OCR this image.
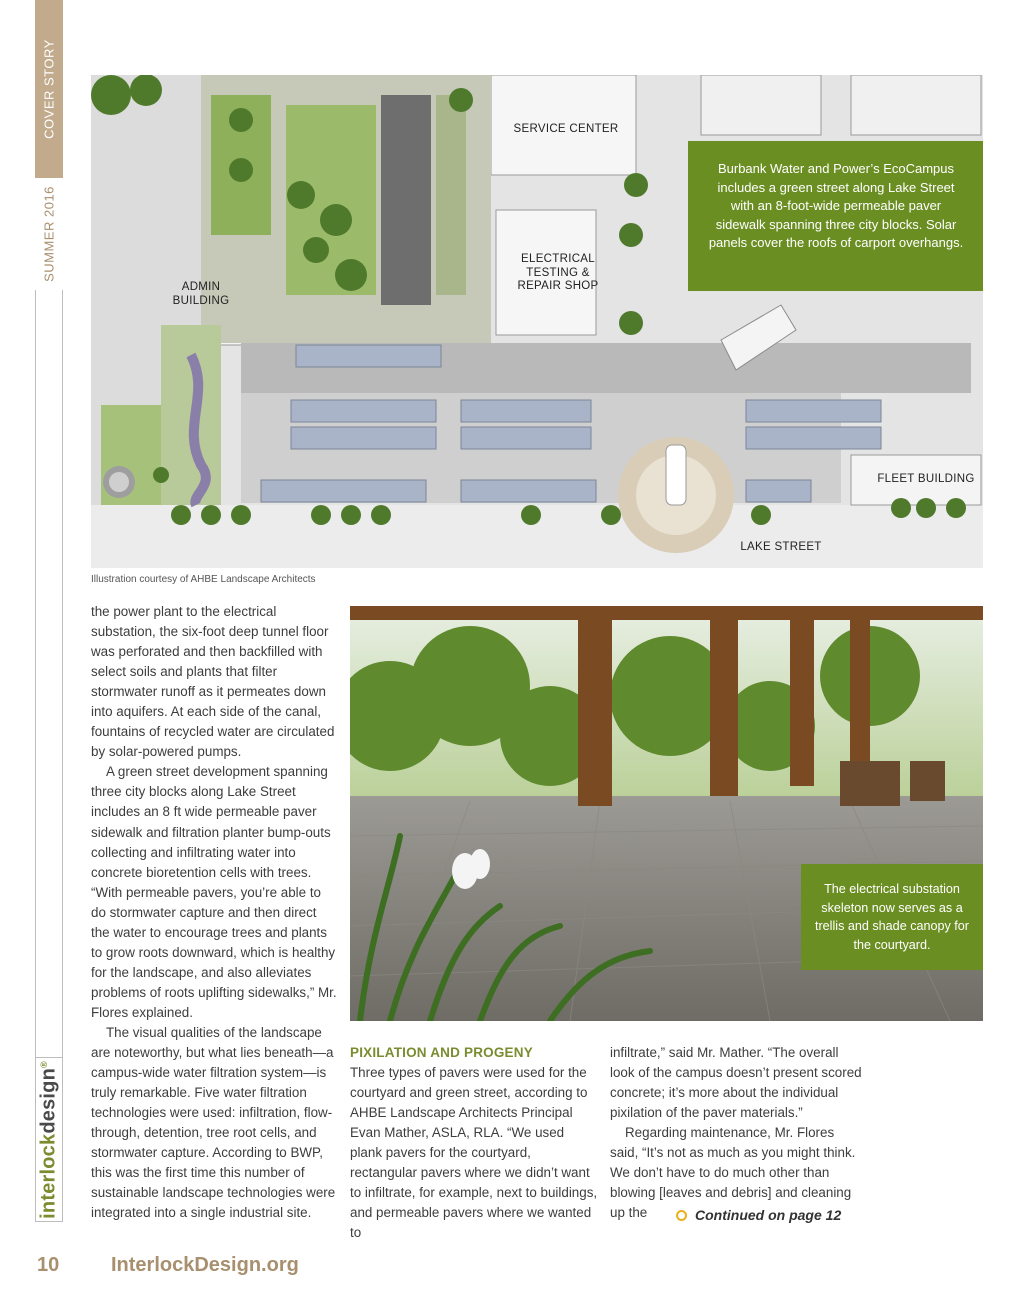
COVER STORY
SUMMER 2016
interlockdesign®
SERVICE CENTER
ELECTRICAL
TESTING &
REPAIR SHOP
ADMIN
BUILDING
FLEET BUILDING
LAKE STREET
Burbank Water and Power’s EcoCampus includes a green street along Lake Street with an 8-foot-wide permeable paver sidewalk spanning three city blocks. Solar panels cover the roofs of carport overhangs.
Illustration courtesy of AHBE Landscape Architects

the power plant to the electrical substation, the six-foot deep tunnel floor was perforated and then backfilled with select soils and plants that filter stormwater runoff as it permeates down into aquifers. At each side of the canal, fountains of recycled water are circulated by solar-powered pumps.

A green street development spanning three city blocks along Lake Street includes an 8 ft wide permeable paver sidewalk and filtration planter bump-outs collecting and infiltrating water into concrete bioretention cells with trees. “With permeable pavers, you’re able to do stormwater capture and then direct the water to encourage trees and plants to grow roots downward, which is healthy for the landscape, and also alleviates problems of roots uplifting sidewalks,” Mr. Flores explained.

The visual qualities of the landscape are noteworthy, but what lies beneath—a campus-wide water filtration system—is truly remarkable. Five water filtration technologies were used: infiltration, flow-through, detention, tree root cells, and stormwater capture. According to BWP, this was the first time this number of sustainable landscape technologies were integrated into a single industrial site.

The electrical substation skeleton now serves as a trellis and shade canopy for the courtyard.

PIXILATION AND PROGENY

Three types of pavers were used for the courtyard and green street, according to AHBE Landscape Architects Principal Evan Mather, ASLA, RLA. “We used plank pavers for the courtyard, rectangular pavers where we didn’t want to infiltrate, for example, next to buildings, and permeable pavers where we wanted to

infiltrate,” said Mr. Mather. “The overall look of the campus doesn’t present scored concrete; it’s more about the individual pixilation of the paver materials.”

Regarding maintenance, Mr. Flores said, “It’s not as much as you might think. We don’t have to do much other than blowing [leaves and debris] and cleaning up the	Continued on page 12
10	InterlockDesign.org
